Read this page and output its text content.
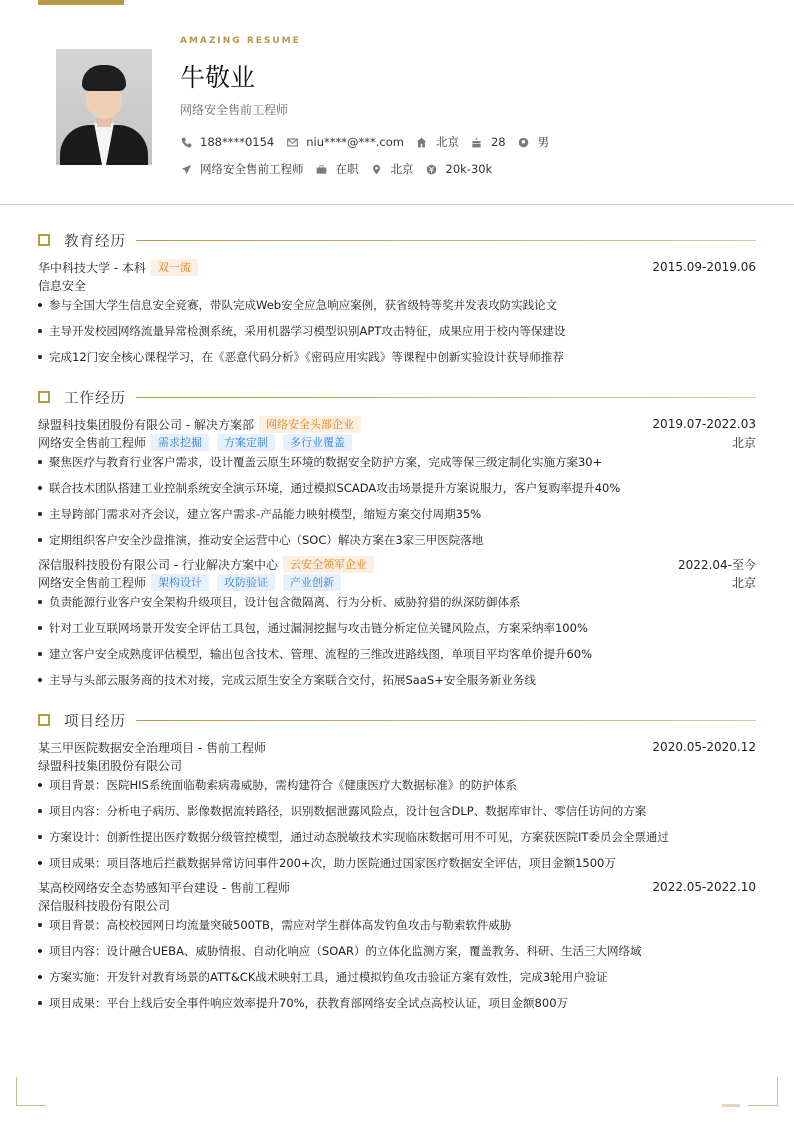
AMAZING RESUME
牛敬业
网络安全售前工程师
188****0154	niu****@***.com	北京	28	男
网络安全售前工程师	在职	北京	20k-30k
教育经历
华中科技大学 - 本科	双一流	2015.09-2019.06
信息安全
参与全国大学生信息安全竞赛，带队完成Web安全应急响应案例，获省级特等奖并发表攻防实践论文
主导开发校园网络流量异常检测系统，采用机器学习模型识别APT攻击特征，成果应用于校内等保建设
完成12门安全核心课程学习，在《恶意代码分析》《密码应用实践》等课程中创新实验设计获导师推荐
工作经历
绿盟科技集团股份有限公司 - 解决方案部	网络安全头部企业	2019.07-2022.03
网络安全售前工程师	需求挖掘	方案定制	多行业覆盖	北京
聚焦医疗与教育行业客户需求，设计覆盖云原生环境的数据安全防护方案，完成等保三级定制化实施方案30+
联合技术团队搭建工业控制系统安全演示环境，通过模拟SCADA攻击场景提升方案说服力，客户复购率提升40%
主导跨部门需求对齐会议，建立客户需求-产品能力映射模型，缩短方案交付周期35%
定期组织客户安全沙盘推演，推动安全运营中心（SOC）解决方案在3家三甲医院落地
深信服科技股份有限公司 - 行业解决方案中心	云安全领军企业	2022.04-至今
网络安全售前工程师	架构设计	攻防验证	产业创新	北京
负责能源行业客户安全架构升级项目，设计包含微隔离、行为分析、威胁狩猎的纵深防御体系
针对工业互联网场景开发安全评估工具包，通过漏洞挖掘与攻击链分析定位关键风险点，方案采纳率100%
建立客户安全成熟度评估模型，输出包含技术、管理、流程的三维改进路线图，单项目平均客单价提升60%
主导与头部云服务商的技术对接，完成云原生安全方案联合交付，拓展SaaS+安全服务新业务线
项目经历
某三甲医院数据安全治理项目 - 售前工程师	2020.05-2020.12
绿盟科技集团股份有限公司
项目背景：医院HIS系统面临勒索病毒威胁，需构建符合《健康医疗大数据标准》的防护体系
项目内容：分析电子病历、影像数据流转路径，识别数据泄露风险点，设计包含DLP、数据库审计、零信任访问的方案
方案设计：创新性提出医疗数据分级管控模型，通过动态脱敏技术实现临床数据可用不可见，方案获医院IT委员会全票通过
项目成果：项目落地后拦截数据异常访问事件200+次，助力医院通过国家医疗数据安全评估，项目金额1500万
某高校网络安全态势感知平台建设 - 售前工程师	2022.05-2022.10
深信服科技股份有限公司
项目背景：高校校园网日均流量突破500TB，需应对学生群体高发钓鱼攻击与勒索软件威胁
项目内容：设计融合UEBA、威胁情报、自动化响应（SOAR）的立体化监测方案，覆盖教务、科研、生活三大网络域
方案实施：开发针对教育场景的ATT&CK战术映射工具，通过模拟钓鱼攻击验证方案有效性，完成3轮用户验证
项目成果：平台上线后安全事件响应效率提升70%，获教育部网络安全试点高校认证，项目金额800万
